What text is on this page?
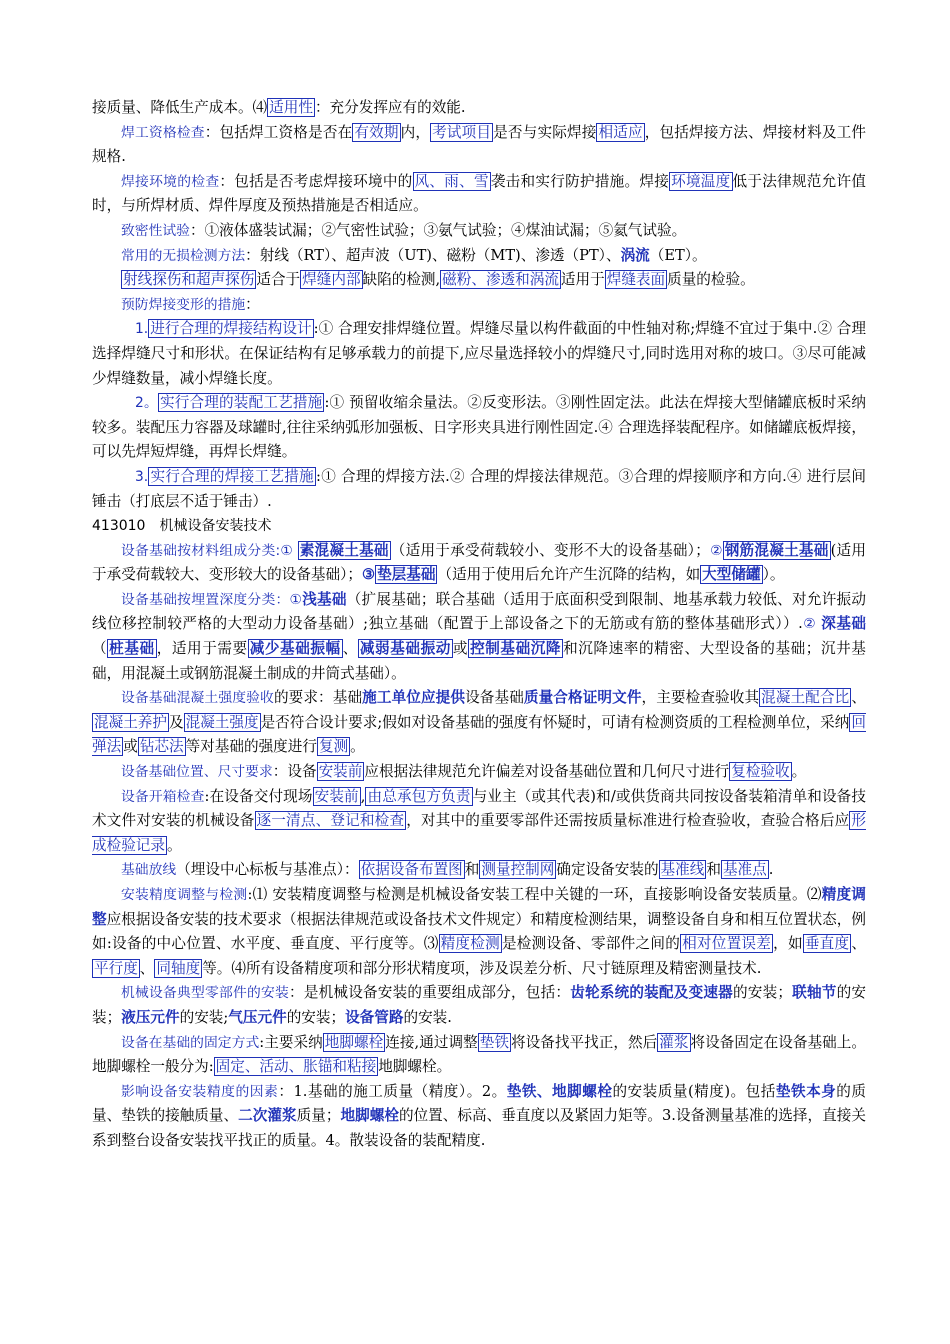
接质量、降低生产成本。⑷ 适用性 ：充分发挥应有的效能.

焊工资格检查：包括焊工资格是否在 有效期 内， 考试项目 是否与实际焊接 相适应 ，包括焊接方法、焊接材料及工件规格.

焊接环境的检查：包括是否考虑焊接环境中的 风、雨、雪 袭击和实行防护措施。焊接 环境温度 低于法律规范允许值时，与所焊材质、焊件厚度及预热措施是否相适应。

致密性试验：①液体盛装试漏；②气密性试验；③氨气试验；④煤油试漏；⑤氦气试验。

常用的无损检测方法：射线（RT）、超声波（UT)、磁粉（MT)、渗透（PT）、涡流（ET）。

射线探伤和超声探伤 适合于 焊缝内部 缺陷的检测, 磁粉、渗透和涡流 适用于 焊缝表面 质量的检验。

预防焊接变形的措施：

1. 进行合理的焊接结构设计 :① 合理安排焊缝位置。焊缝尽量以构件截面的中性轴对称;焊缝不宜过于集中.② 合理选择焊缝尺寸和形状。在保证结构有足够承载力的前提下,应尽量选择较小的焊缝尺寸,同时选用对称的坡口。③尽可能减少焊缝数量，减小焊缝长度。

2。 实行合理的装配工艺措施 :① 预留收缩余量法。②反变形法。③刚性固定法。此法在焊接大型储罐底板时采纳较多。装配压力容器及球罐时,往往采纳弧形加强板、日字形夹具进行刚性固定.④ 合理选择装配程序。如储罐底板焊接，可以先焊短焊缝，再焊长焊缝。

3. 实行合理的焊接工艺措施 :① 合理的焊接方法.② 合理的焊接法律规范。③合理的焊接顺序和方向.④ 进行层间锤击（打底层不适于锤击）.

413010　机械设备安装技术

设备基础按材料组成分类:① 素混凝土基础 （适用于承受荷载较小、变形不大的设备基础）；② 钢筋混凝土基础 (适用于承受荷载较大、变形较大的设备基础）；③ 垫层基础 （适用于使用后允许产生沉降的结构，如 大型储罐 ）。

设备基础按埋置深度分类：①浅基础（扩展基础；联合基础（适用于底面积受到限制、地基承载力较低、对允许振动线位移控制较严格的大型动力设备基础）;独立基础（配置于上部设备之下的无筋或有筋的整体基础形式））.② 深基础（ 桩基础 ，适用于需要 减少基础振幅 、 减弱基础振动 或 控制基础沉降 和沉降速率的精密、大型设备的基础；沉井基础，用混凝土或钢筋混凝土制成的井筒式基础）。

设备基础混凝土强度验收的要求：基础施工单位应提供设备基础质量合格证明文件，主要检查验收其 混凝土配合比 、混凝土养护 及 混凝土强度 是否符合设计要求;假如对设备基础的强度有怀疑时，可请有检测资质的工程检测单位，采纳 回弹法 或 钻芯法 等对基础的强度进行 复测 。

设备基础位置、尺寸要求：设备 安装前 应根据法律规范允许偏差对设备基础位置和几何尺寸进行 复检验收 。

设备开箱检查:在设备交付现场 安装前 , 由总承包方负责 与业主（或其代表)和/或供货商共同按设备装箱清单和设备技术文件对安装的机械设备 逐一清点、登记和检查 ，对其中的重要零部件还需按质量标准进行检查验收，查验合格后应 形成检验记录 。

基础放线（埋设中心标板与基准点）： 依据设备布置图 和 测量控制网 确定设备安装的 基准线 和 基准点 .

安装精度调整与检测:⑴ 安装精度调整与检测是机械设备安装工程中关键的一环，直接影响设备安装质量。⑵精度调整应根据设备安装的技术要求（根据法律规范或设备技术文件规定）和精度检测结果，调整设备自身和相互位置状态，例如:设备的中心位置、水平度、垂直度、平行度等。⑶ 精度检测 是检测设备、零部件之间的 相对位置误差 ，如 垂直度 、平行度 、 同轴度 等。⑷所有设备精度项和部分形状精度项，涉及误差分析、尺寸链原理及精密测量技术.

机械设备典型零部件的安装：是机械设备安装的重要组成部分，包括：齿轮系统的装配及变速器的安装；联轴节的安装；液压元件的安装;气压元件的安装；设备管路的安装.

设备在基础的固定方式:主要采纳 地脚螺栓 连接,通过调整 垫铁 将设备找平找正，然后 灌浆 将设备固定在设备基础上。地脚螺栓一般分为: 固定、活动、胀锚和粘接 地脚螺栓。

影响设备安装精度的因素：1.基础的施工质量（精度）。2。垫铁、地脚螺栓的安装质量(精度)。包括垫铁本身的质量、垫铁的接触质量、二次灌浆质量；地脚螺栓的位置、标高、垂直度以及紧固力矩等。3.设备测量基准的选择，直接关系到整台设备安装找平找正的质量。4。散装设备的装配精度.
